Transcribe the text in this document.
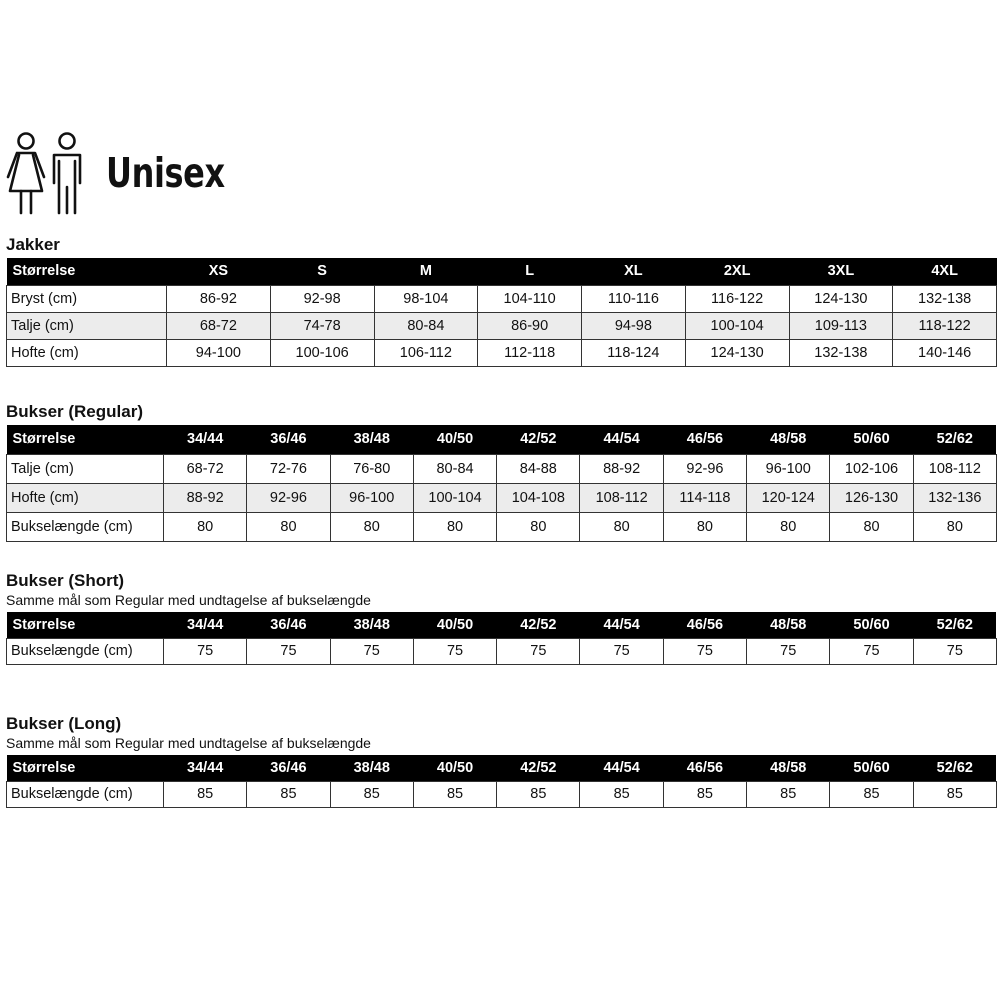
Unisex
Jakker
Størrelse	XS	S	M	L	XL	2XL	3XL	4XL
Bryst (cm)	86-92	92-98	98-104	104-110	110-116	116-122	124-130	132-138
Talje (cm)	68-72	74-78	80-84	86-90	94-98	100-104	109-113	118-122
Hofte (cm)	94-100	100-106	106-112	112-118	118-124	124-130	132-138	140-146
Bukser (Regular)
Størrelse	34/44	36/46	38/48	40/50	42/52	44/54	46/56	48/58	50/60	52/62
Talje (cm)	68-72	72-76	76-80	80-84	84-88	88-92	92-96	96-100	102-106	108-112
Hofte (cm)	88-92	92-96	96-100	100-104	104-108	108-112	114-118	120-124	126-130	132-136
Bukselængde (cm)	80	80	80	80	80	80	80	80	80	80
Bukser (Short)
Samme mål som Regular med undtagelse af bukselængde
Størrelse	34/44	36/46	38/48	40/50	42/52	44/54	46/56	48/58	50/60	52/62
Bukselængde (cm)	75	75	75	75	75	75	75	75	75	75
Bukser (Long)
Samme mål som Regular med undtagelse af bukselængde
Størrelse	34/44	36/46	38/48	40/50	42/52	44/54	46/56	48/58	50/60	52/62
Bukselængde (cm)	85	85	85	85	85	85	85	85	85	85
